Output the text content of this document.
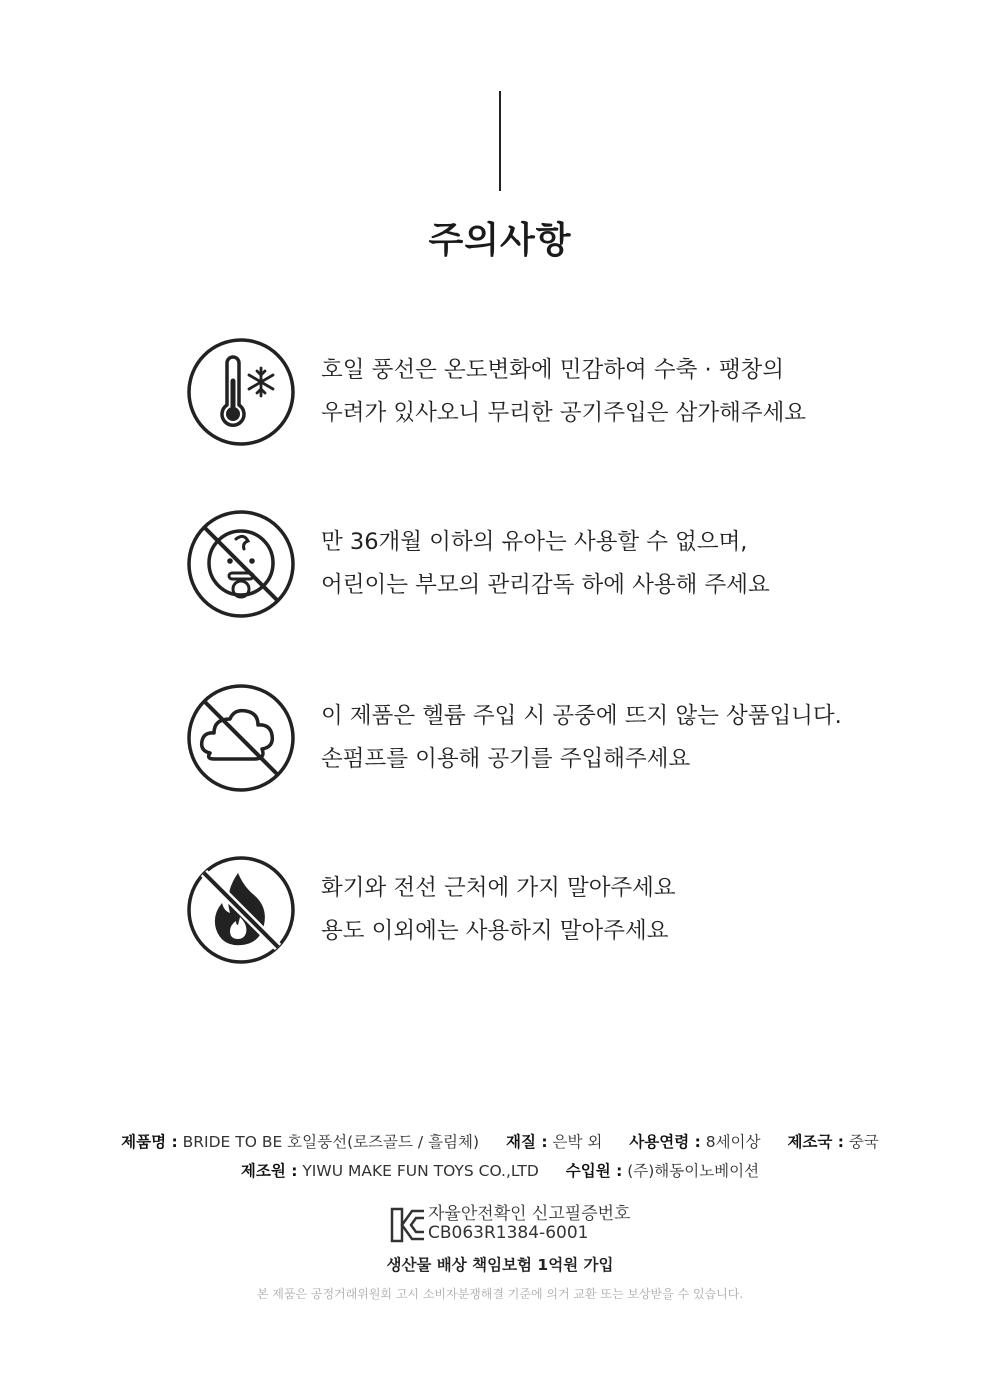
주의사항
호일 풍선은 온도변화에 민감하여 수축 · 팽창의
우려가 있사오니 무리한 공기주입은 삼가해주세요
만 36개월 이하의 유아는 사용할 수 없으며,
어린이는 부모의 관리감독 하에 사용해 주세요
이 제품은 헬륨 주입 시 공중에 뜨지 않는 상품입니다.
손펌프를 이용해 공기를 주입해주세요
화기와 전선 근처에 가지 말아주세요
용도 이외에는 사용하지 말아주세요
제품명 : BRIDE TO BE 호일풍선(로즈골드 / 흘림체) 재질 : 은박 외 사용연령 : 8세이상 제조국 : 중국
제조원 : YIWU MAKE FUN TOYS CO.,LTD 수입원 : (주)해동이노베이션
자율안전확인 신고필증번호
CB063R1384-6001
생산물 배상 책임보험 1억원 가입
본 제품은 공정거래위원회 고시 소비자분쟁해결 기준에 의거 교환 또는 보상받을 수 있습니다.
